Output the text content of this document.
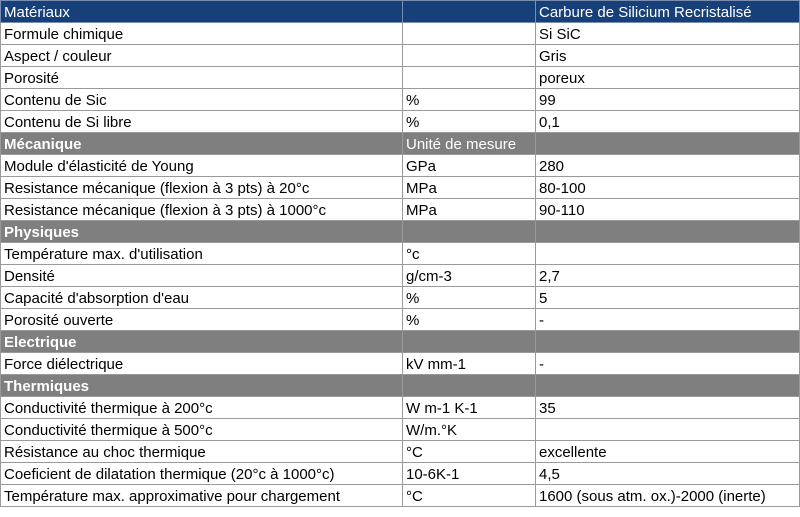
Matériaux		Carbure de Silicium Recristalisé
Formule chimique		Si SiC
Aspect / couleur		Gris
Porosité		poreux
Contenu de Sic	%	99
Contenu de Si libre	%	0,1
Mécanique	Unité de mesure	
Module d'élasticité de Young	GPa	280
Resistance mécanique (flexion à 3 pts) à 20°c	MPa	80-100
Resistance mécanique (flexion à 3 pts) à 1000°c	MPa	90-110
Physiques		
Température max. d'utilisation	°c	
Densité	g/cm-3	2,7
Capacité d'absorption d'eau	%	5
Porosité ouverte	%	-
Electrique		
Force diélectrique	kV mm-1	-
Thermiques		
Conductivité thermique à 200°c	W m-1 K-1	35
Conductivité thermique à 500°c	W/m.°K	
Résistance au choc thermique	°C	excellente
Coeficient de dilatation thermique (20°c à 1000°c)	10-6K-1	4,5
Température max. approximative pour chargement	°C	1600 (sous atm. ox.)-2000 (inerte)
